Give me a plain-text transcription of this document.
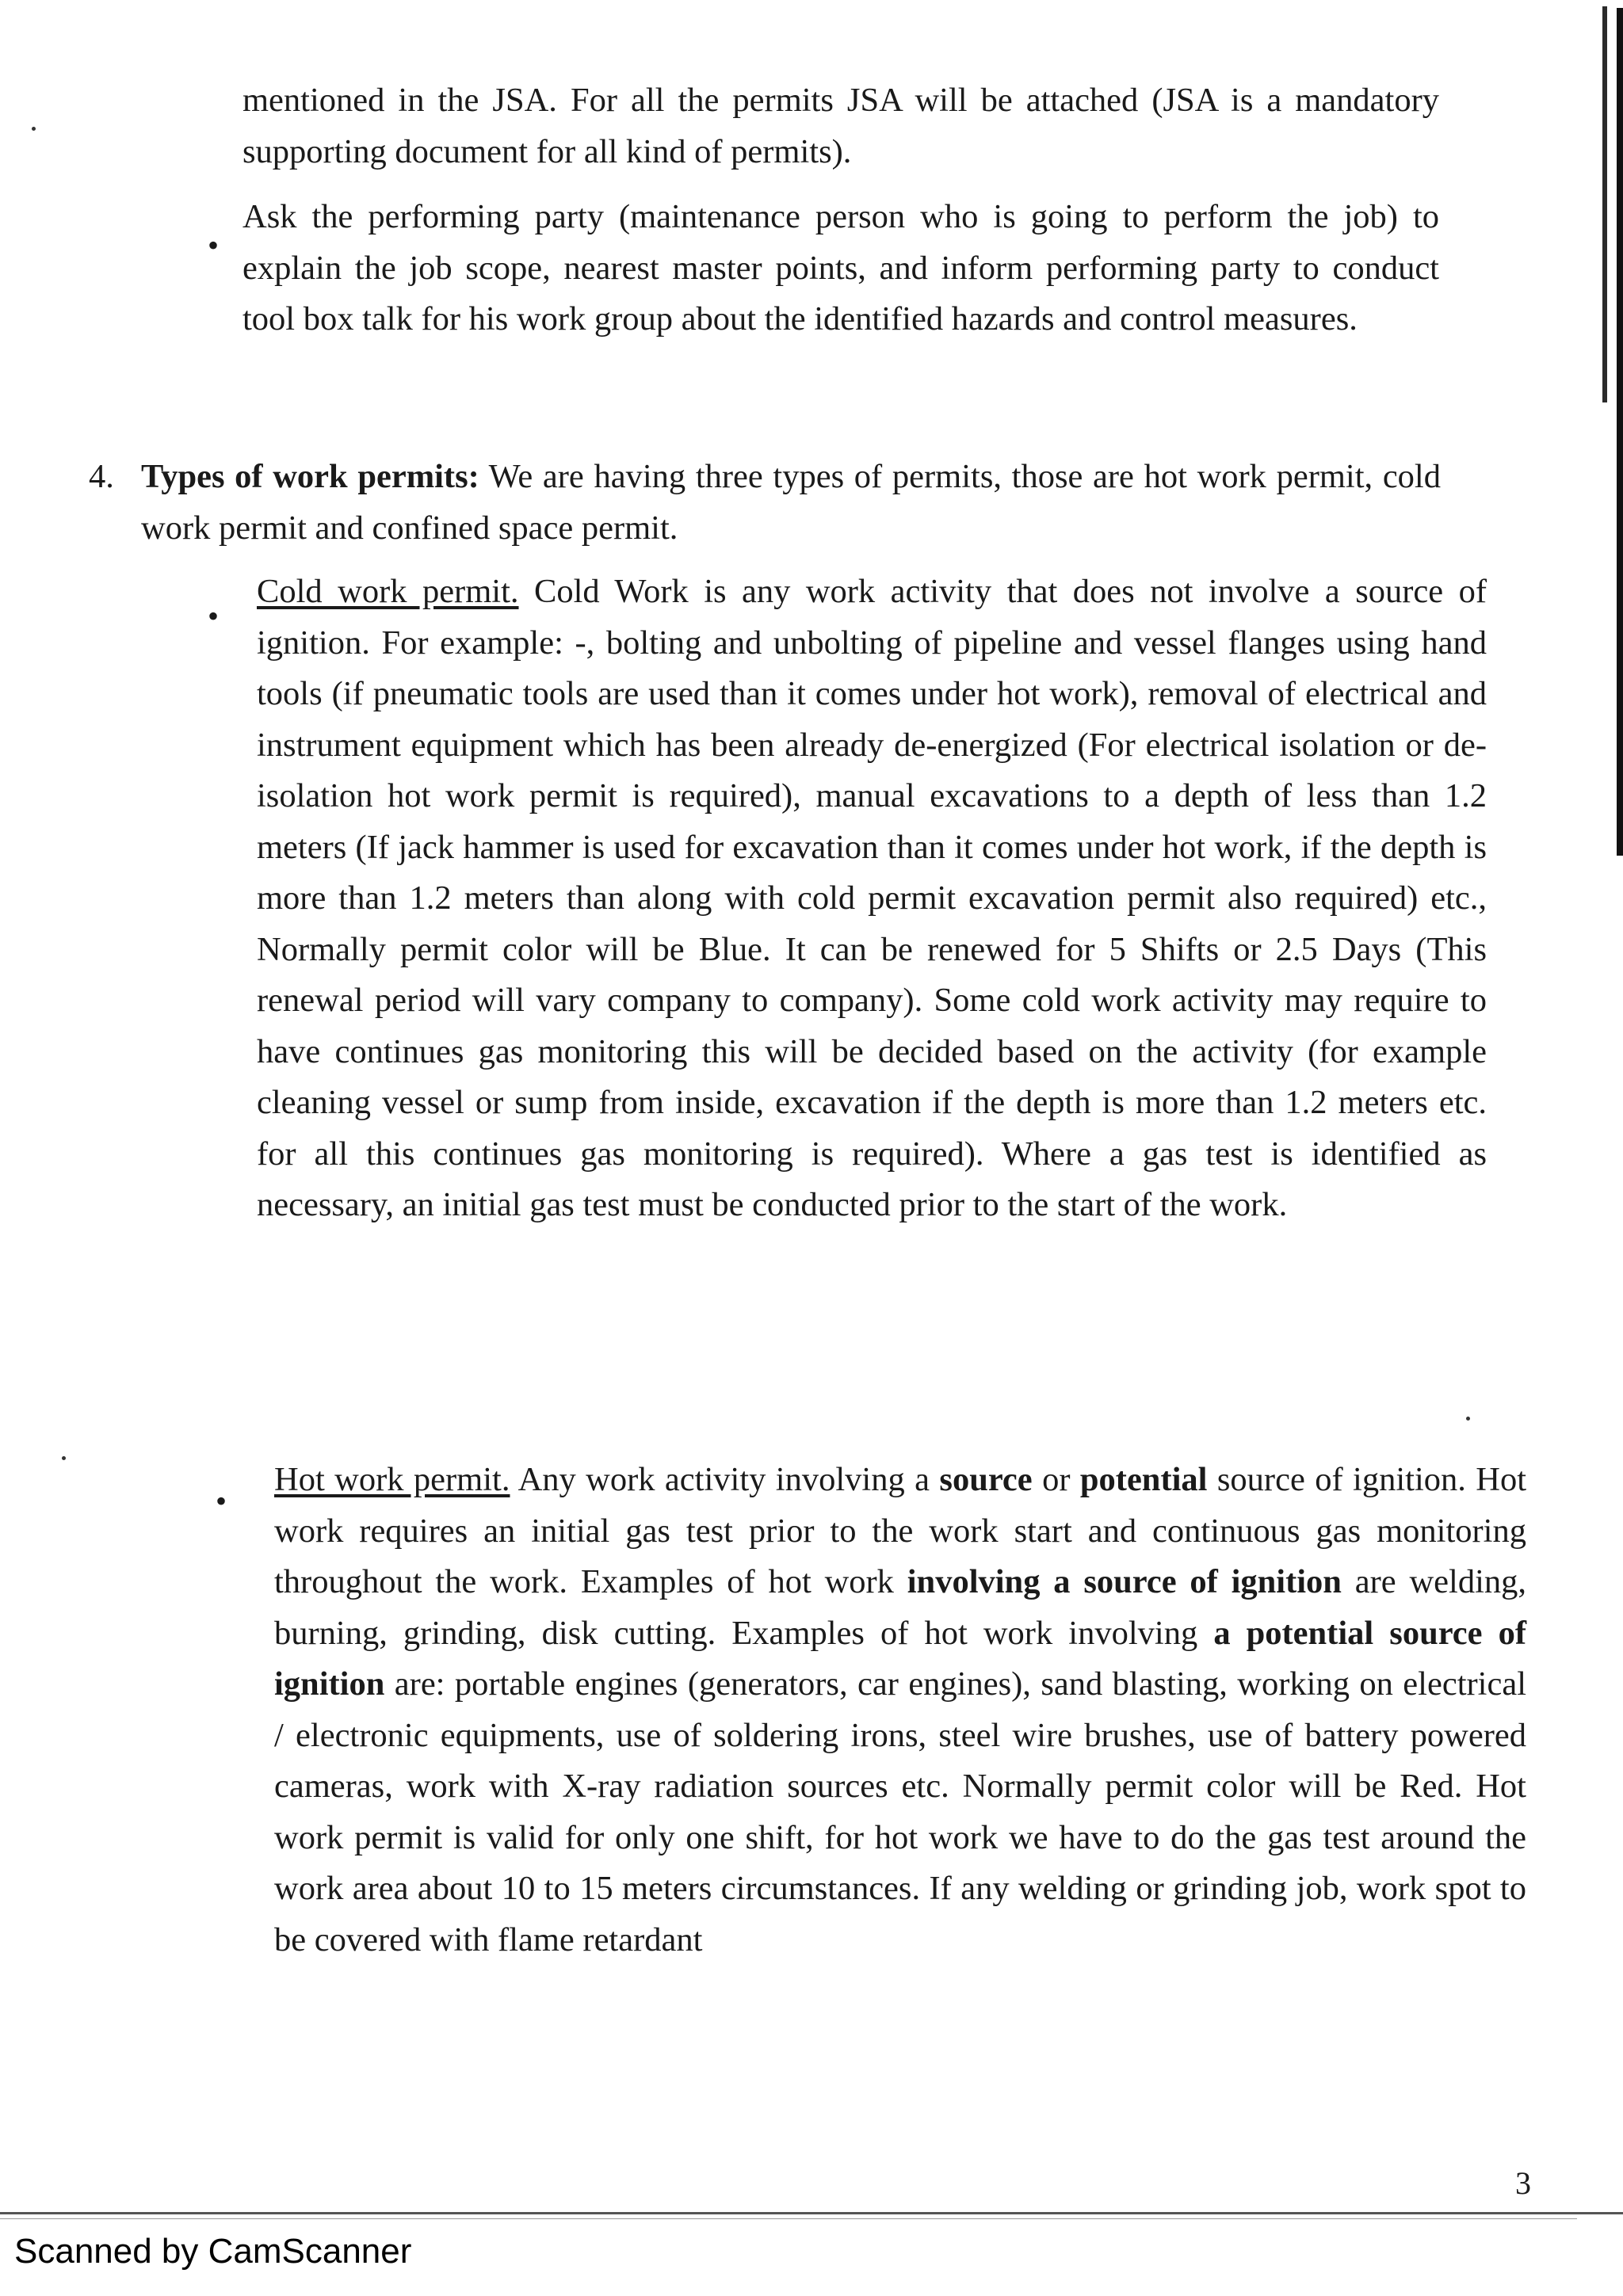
mentioned in the JSA. For all the permits JSA will be attached (JSA is a mandatory supporting document for all kind of permits).

•

Ask the performing party (maintenance person who is going to perform the job) to explain the job scope, nearest master points, and inform performing party to conduct tool box talk for his work group about the identified hazards and control measures.

4. Types of work permits: We are having three types of permits, those are hot work permit, cold work permit and confined space permit.

•

Cold work permit. Cold Work is any work activity that does not involve a source of ignition. For example: -, bolting and unbolting of pipeline and vessel flanges using hand tools (if pneumatic tools are used than it comes under hot work), removal of electrical and instrument equipment which has been already de-energized (For electrical isolation or de-isolation hot work permit is required), manual excavations to a depth of less than 1.2 meters (If jack hammer is used for excavation than it comes under hot work, if the depth is more than 1.2 meters than along with cold permit excavation permit also required) etc., Normally permit color will be Blue. It can be renewed for 5 Shifts or 2.5 Days (This renewal period will vary company to company). Some cold work activity may require to have continues gas monitoring this will be decided based on the activity (for example cleaning vessel or sump from inside, excavation if the depth is more than 1.2 meters etc. for all this continues gas monitoring is required). Where a gas test is identified as necessary, an initial gas test must be conducted prior to the start of the work.

•

Hot work permit. Any work activity involving a source or potential source of ignition. Hot work requires an initial gas test prior to the work start and continuous gas monitoring throughout the work. Examples of hot work involving a source of ignition are welding, burning, grinding, disk cutting. Examples of hot work involving a potential source of ignition are: portable engines (generators, car engines), sand blasting, working on electrical / electronic equipments, use of soldering irons, steel wire brushes, use of battery powered cameras, work with X-ray radiation sources etc. Normally permit color will be Red. Hot work permit is valid for only one shift, for hot work we have to do the gas test around the work area about 10 to 15 meters circumstances. If any welding or grinding job, work spot to be covered with flame retardant

3
Scanned by CamScanner
